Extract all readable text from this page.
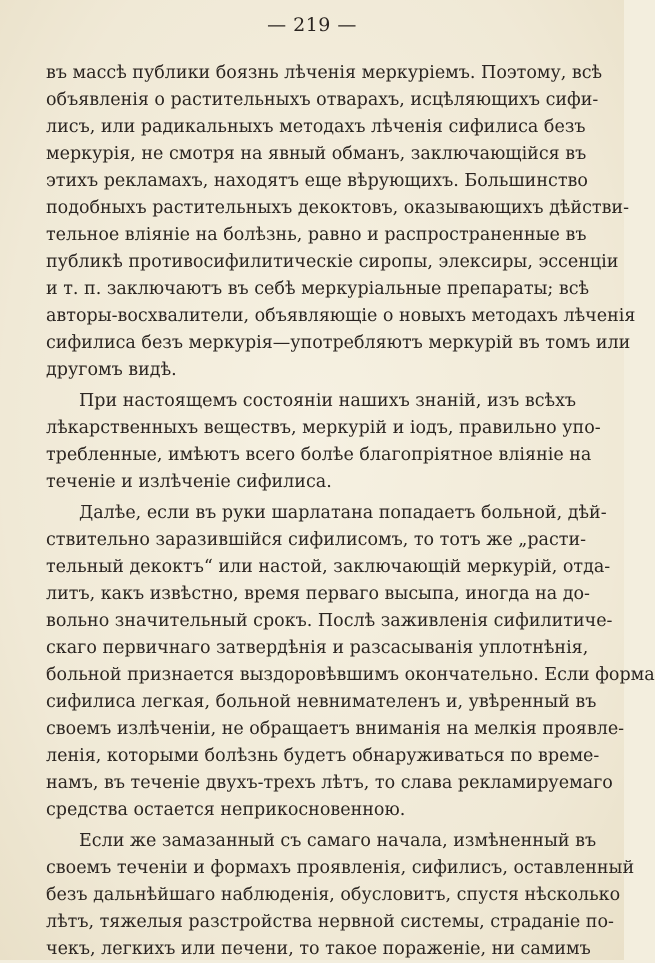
— 219 —
въ массѣ публики боязнь лѣченія меркуріемъ. Поэтому, всѣ
объявленія о растительныхъ отварахъ, исцѣляющихъ сифи-
лисъ, или радикальныхъ методахъ лѣченія сифилиса безъ
меркурія, не смотря на явный обманъ, заключающійся въ
этихъ рекламахъ, находятъ еще вѣрующихъ. Большинство
подобныхъ растительныхъ декоктовъ, оказывающихъ дѣйстви-
тельное вліяніе на болѣзнь, равно и распространенные въ
публикѣ противосифилитическіе сиропы, элексиры, эссенціи
и т. п. заключаютъ въ себѣ меркуріальные препараты; всѣ
авторы-восхвалители, объявляющіе о новыхъ методахъ лѣченія
сифилиса безъ меркурія—употребляютъ меркурій въ томъ или
другомъ видѣ.
При настоящемъ состояніи нашихъ знаній, изъ всѣхъ
лѣкарственныхъ веществъ, меркурій и іодъ, правильно упо-
требленные, имѣютъ всего болѣе благопріятное вліяніе на
теченіе и излѣченіе сифилиса.
Далѣе, если въ руки шарлатана попадаетъ больной, дѣй-
ствительно заразившійся сифилисомъ, то тотъ же „расти-
тельный декоктъ“ или настой, заключающій меркурій, отда-
литъ, какъ извѣстно, время перваго высыпа, иногда на до-
вольно значительный срокъ. Послѣ заживленія сифилитиче-
скаго первичнаго затвердѣнія и разсасыванія уплотнѣнія,
больной признается выздоровѣвшимъ окончательно. Если форма
сифилиса легкая, больной невнимателенъ и, увѣренный въ
своемъ излѣченіи, не обращаетъ вниманія на мелкія проявле-
ленія, которыми болѣзнь будетъ обнаруживаться по време-
намъ, въ теченіе двухъ-трехъ лѣтъ, то слава рекламируемаго
средства остается неприкосновенною.
Если же замазанный съ самаго начала, измѣненный въ
своемъ теченіи и формахъ проявленія, сифилисъ, оставленный
безъ дальнѣйшаго наблюденія, обусловитъ, спустя нѣсколько
лѣтъ, тяжелыя разстройства нервной системы, страданіе по-
чекъ, легкихъ или печени, то такое пораженіе, ни самимъ
